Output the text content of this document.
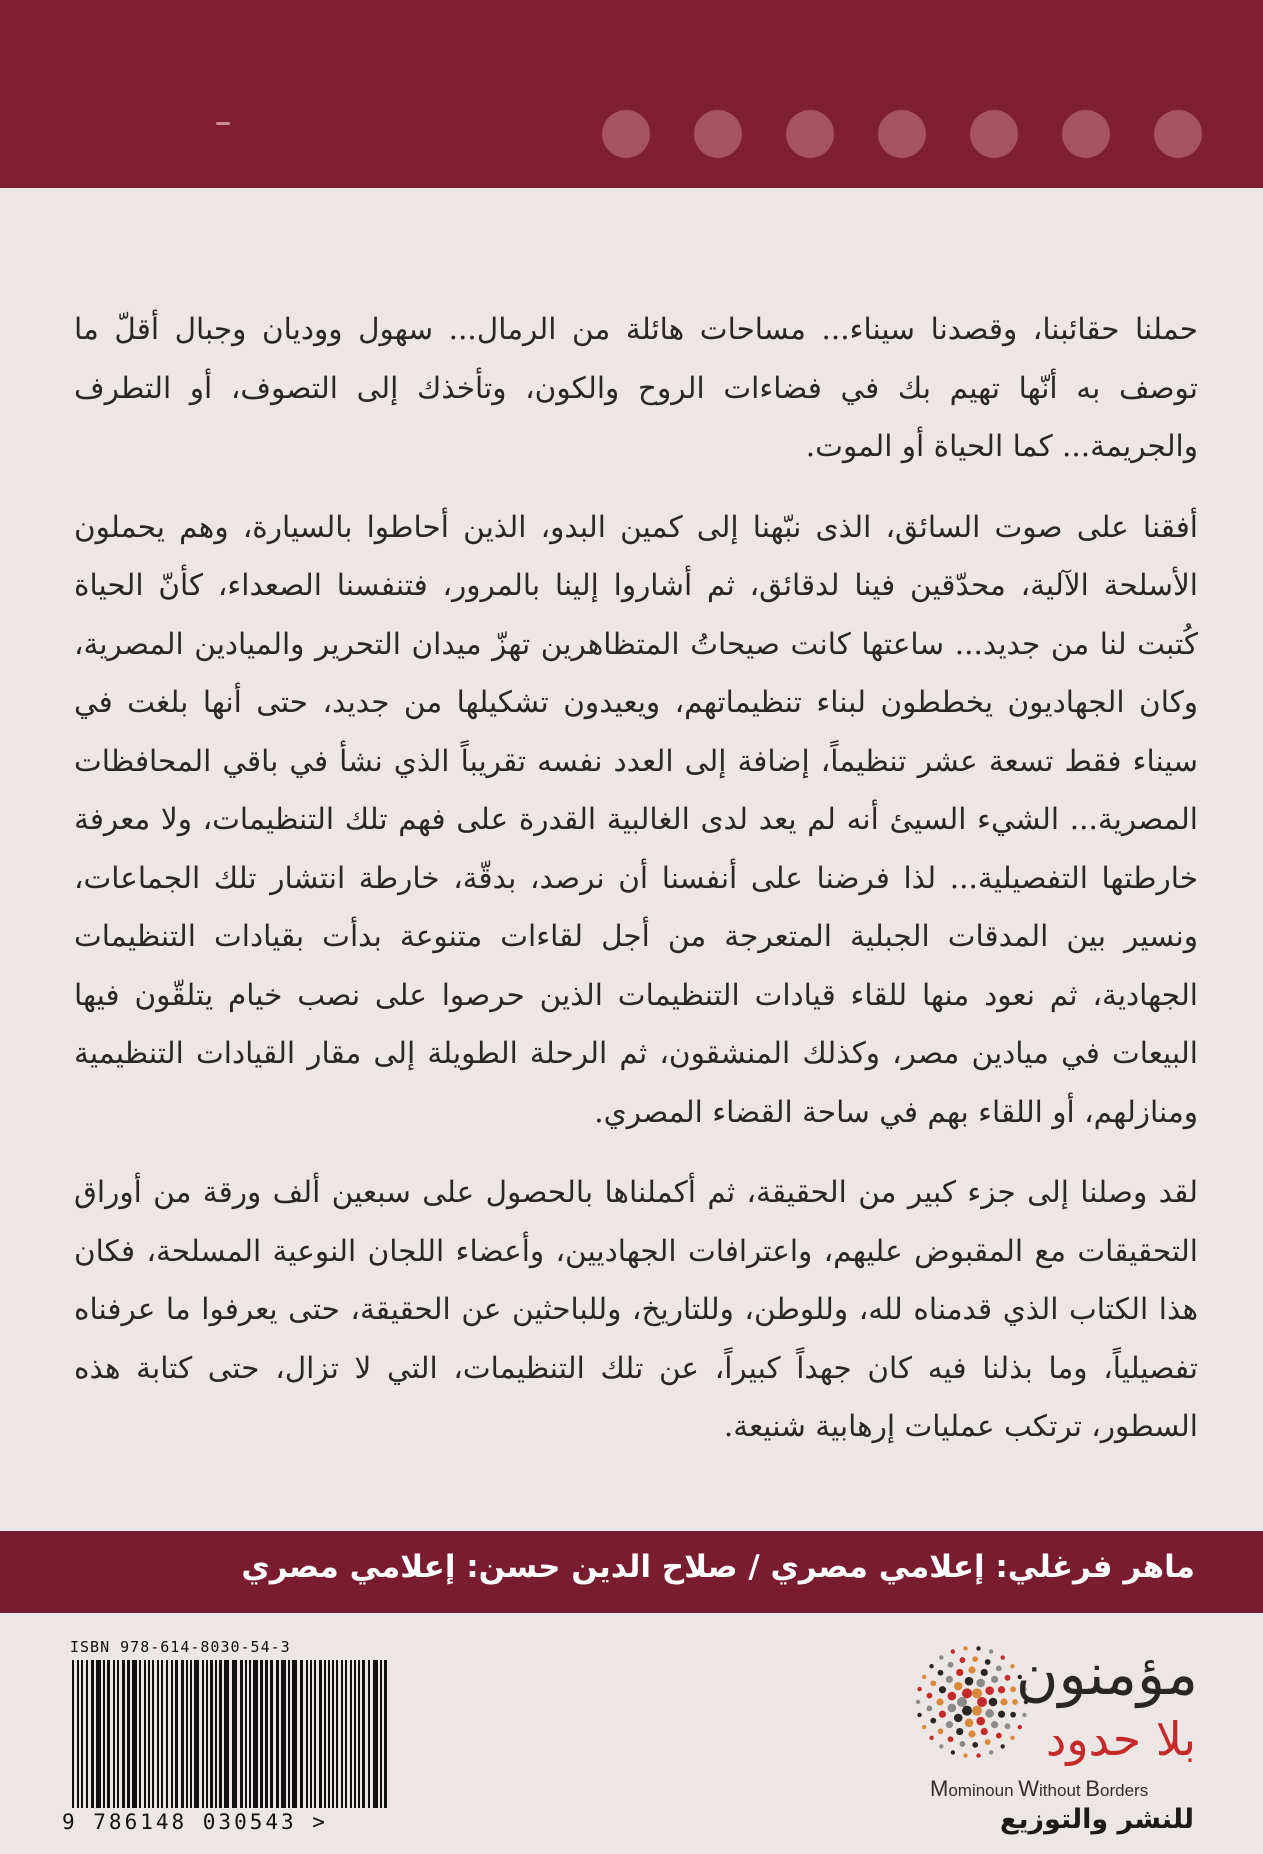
حملنا حقائبنا، وقصدنا سيناء... مساحات هائلة من الرمال... سهول ووديان وجبال أقلّ ما توصف به أنّها تهيم بك في فضاءات الروح والكون، وتأخذك إلى التصوف، أو التطرف والجريمة... كما الحياة أو الموت.

أفقنا على صوت السائق، الذى نبّهنا إلى كمين البدو، الذين أحاطوا بالسيارة، وهم يحملون الأسلحة الآلية، محدّقين فينا لدقائق، ثم أشاروا إلينا بالمرور، فتنفسنا الصعداء، كأنّ الحياة كُتبت لنا من جديد... ساعتها كانت صيحاتُ المتظاهرين تهزّ ميدان التحرير والميادين المصرية، وكان الجهاديون يخططون لبناء تنظيماتهم، ويعيدون تشكيلها من جديد، حتى أنها بلغت في سيناء فقط تسعة عشر تنظيماً، إضافة إلى العدد نفسه تقريباً الذي نشأ في باقي المحافظات المصرية... الشيء السيئ أنه لم يعد لدى الغالبية القدرة على فهم تلك التنظيمات، ولا معرفة خارطتها التفصيلية... لذا فرضنا على أنفسنا أن نرصد، بدقّة، خارطة انتشار تلك الجماعات، ونسير بين المدقات الجبلية المتعرجة من أجل لقاءات متنوعة بدأت بقيادات التنظيمات الجهادية، ثم نعود منها للقاء قيادات التنظيمات الذين حرصوا على نصب خيام يتلقّون فيها البيعات في ميادين مصر، وكذلك المنشقون، ثم الرحلة الطويلة إلى مقار القيادات التنظيمية ومنازلهم، أو اللقاء بهم في ساحة القضاء المصري.

لقد وصلنا إلى جزء كبير من الحقيقة، ثم أكملناها بالحصول على سبعين ألف ورقة من أوراق التحقيقات مع المقبوض عليهم، واعترافات الجهاديين، وأعضاء اللجان النوعية المسلحة، فكان هذا الكتاب الذي قدمناه لله، وللوطن، وللتاريخ، وللباحثين عن الحقيقة، حتى يعرفوا ما عرفناه تفصيلياً، وما بذلنا فيه كان جهداً كبيراً، عن تلك التنظيمات، التي لا تزال، حتى كتابة هذه السطور، ترتكب عمليات إرهابية شنيعة.

ماهر فرغلي: إعلامي مصري / صلاح الدين حسن: إعلامي مصري
ISBN 978-614-8030-54-3
9 786148 030543 >
مؤمنون
بلا حدود
Mominoun Without Borders
للنشر والتوزيع
